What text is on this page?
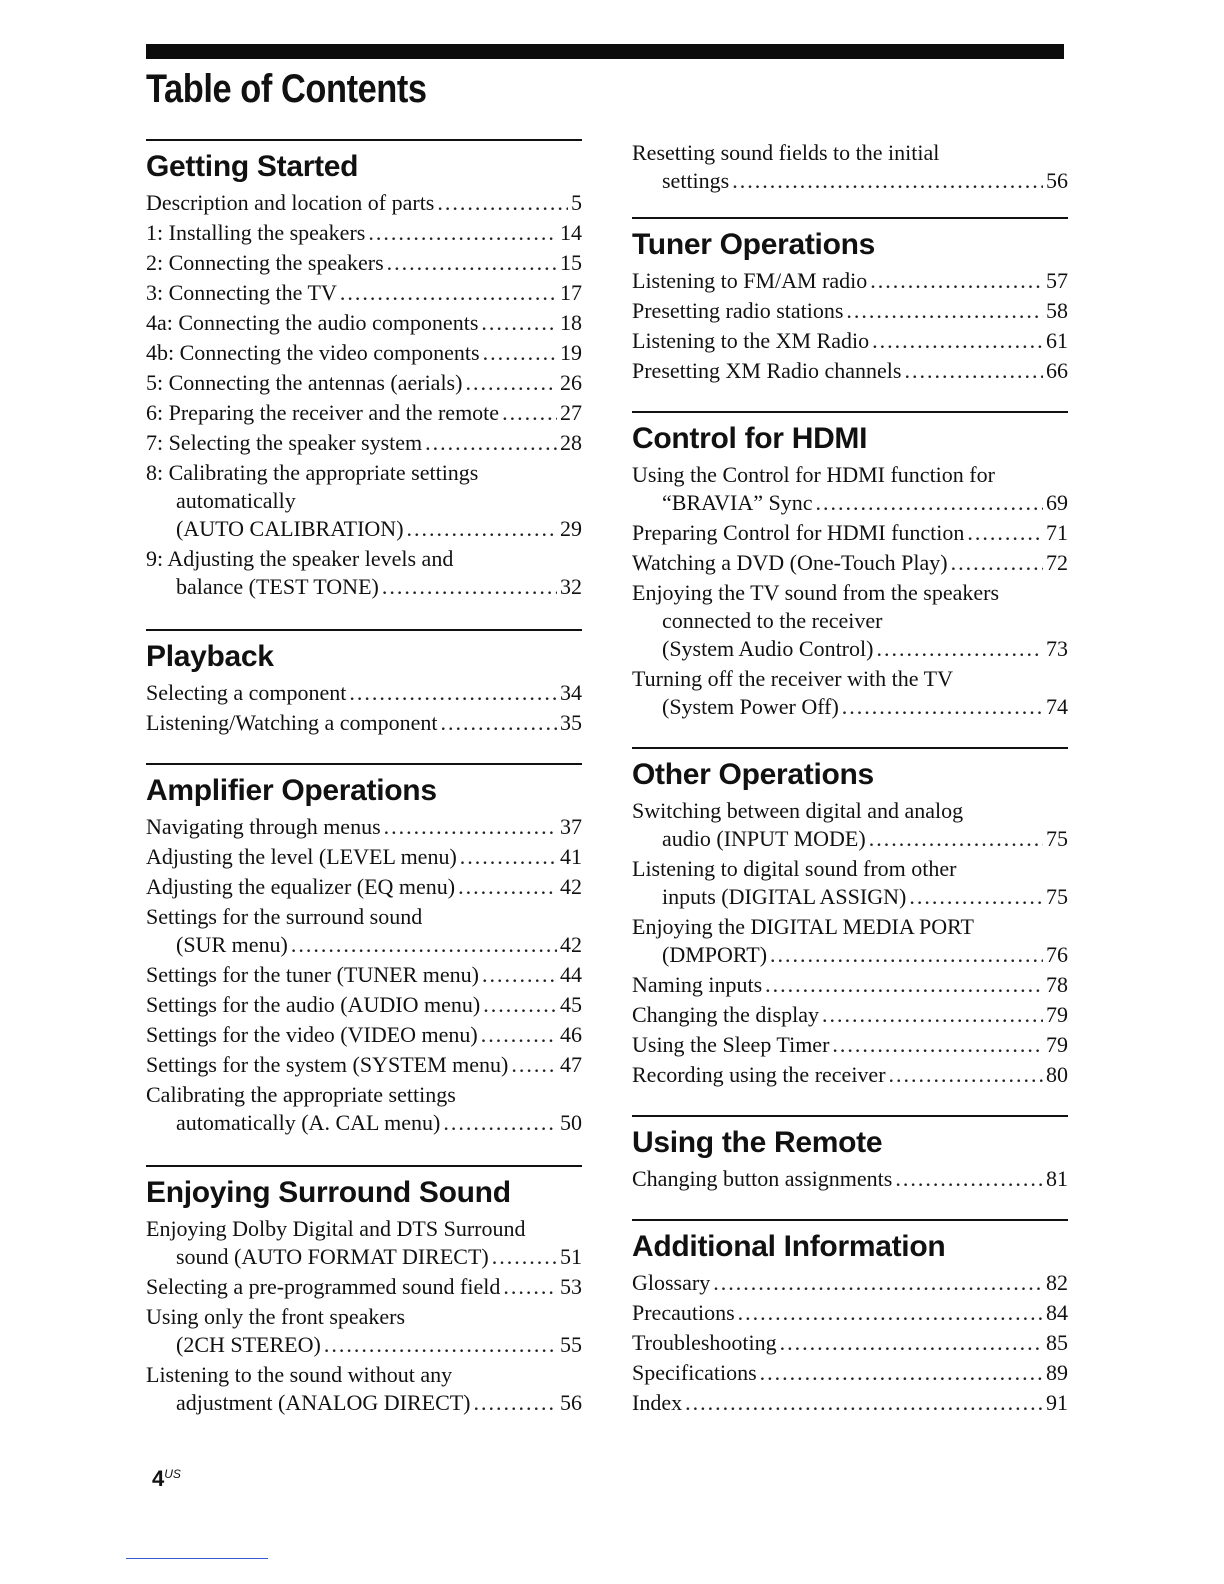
Table of Contents
Getting Started
Description and location of parts .....	5
1: Installing the speakers .....	14
2: Connecting the speakers .....	15
3: Connecting the TV .....	17
4a: Connecting the audio components .....	18
4b: Connecting the video components .....	19
5: Connecting the antennas (aerials) .....	26
6: Preparing the receiver and the remote .....	27
7: Selecting the speaker system .....	28
8: Calibrating the appropriate settings
automatically
(AUTO CALIBRATION) .....	29
9: Adjusting the speaker levels and
balance (TEST TONE) .....	32
Playback
Selecting a component .....	34
Listening/Watching a component .....	35
Amplifier Operations
Navigating through menus .....	37
Adjusting the level (LEVEL menu) .....	41
Adjusting the equalizer (EQ menu) .....	42
Settings for the surround sound
(SUR menu) .....	42
Settings for the tuner (TUNER menu) .....	44
Settings for the audio (AUDIO menu) .....	45
Settings for the video (VIDEO menu) .....	46
Settings for the system (SYSTEM menu) ..... 47
Calibrating the appropriate settings
automatically (A. CAL menu) .....	50
Enjoying Surround Sound
Enjoying Dolby Digital and DTS Surround
sound (AUTO FORMAT DIRECT) .....	51
Selecting a pre-programmed sound field .....	53
Using only the front speakers
(2CH STEREO) .....	55
Listening to the sound without any
adjustment (ANALOG DIRECT) .....	56
Resetting sound fields to the initial
settings .....	56
Tuner Operations
Listening to FM/AM radio .....	57
Presetting radio stations .....	58
Listening to the XM Radio .....	61
Presetting XM Radio channels .....	66
Control for HDMI
Using the Control for HDMI function for
“BRAVIA” Sync .....	69
Preparing Control for HDMI function .....	71
Watching a DVD (One-Touch Play) .....	72
Enjoying the TV sound from the speakers
connected to the receiver
(System Audio Control) .....	73
Turning off the receiver with the TV
(System Power Off) .....	74
Other Operations
Switching between digital and analog
audio (INPUT MODE) .....	75
Listening to digital sound from other
inputs (DIGITAL ASSIGN) .....	75
Enjoying the DIGITAL MEDIA PORT
(DMPORT) .....	76
Naming inputs .....	78
Changing the display .....	79
Using the Sleep Timer .....	79
Recording using the receiver .....	80
Using the Remote
Changing button assignments .....	81
Additional Information
Glossary .....	82
Precautions .....	84
Troubleshooting .....	85
Specifications .....	89
Index .....	91
4$^{US}$
